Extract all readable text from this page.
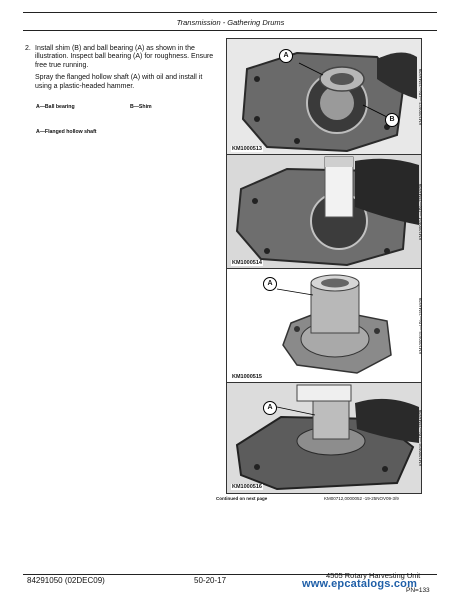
Transmission - Gathering Drums
2. Install shim (B) and ball bearing (A) as shown in the illustration. Inspect ball bearing (A) for roughness. Ensure free true running.

Spray the flanged hollow shaft (A) with oil and install it using a plastic-headed hammer.

A—Ball bearing	B—Shim
A—Flanged hollow shaft
A
B
KM1000513
KM1000513 —UN—15MAY09
KM1000514
KM1000514 —UN—15MAY09
A
KM1000515
KM1000515 —UN—15MAY09
A
KM1000516
KM1000516 —UN—15MAY09
Continued on next page	KM00712,0000052 -19-25NOV09-3/9
84291050 (02DEC09)	50-20-17
4505 Rotary Harvesting Unit
PN=133
www.epcatalogs.com
